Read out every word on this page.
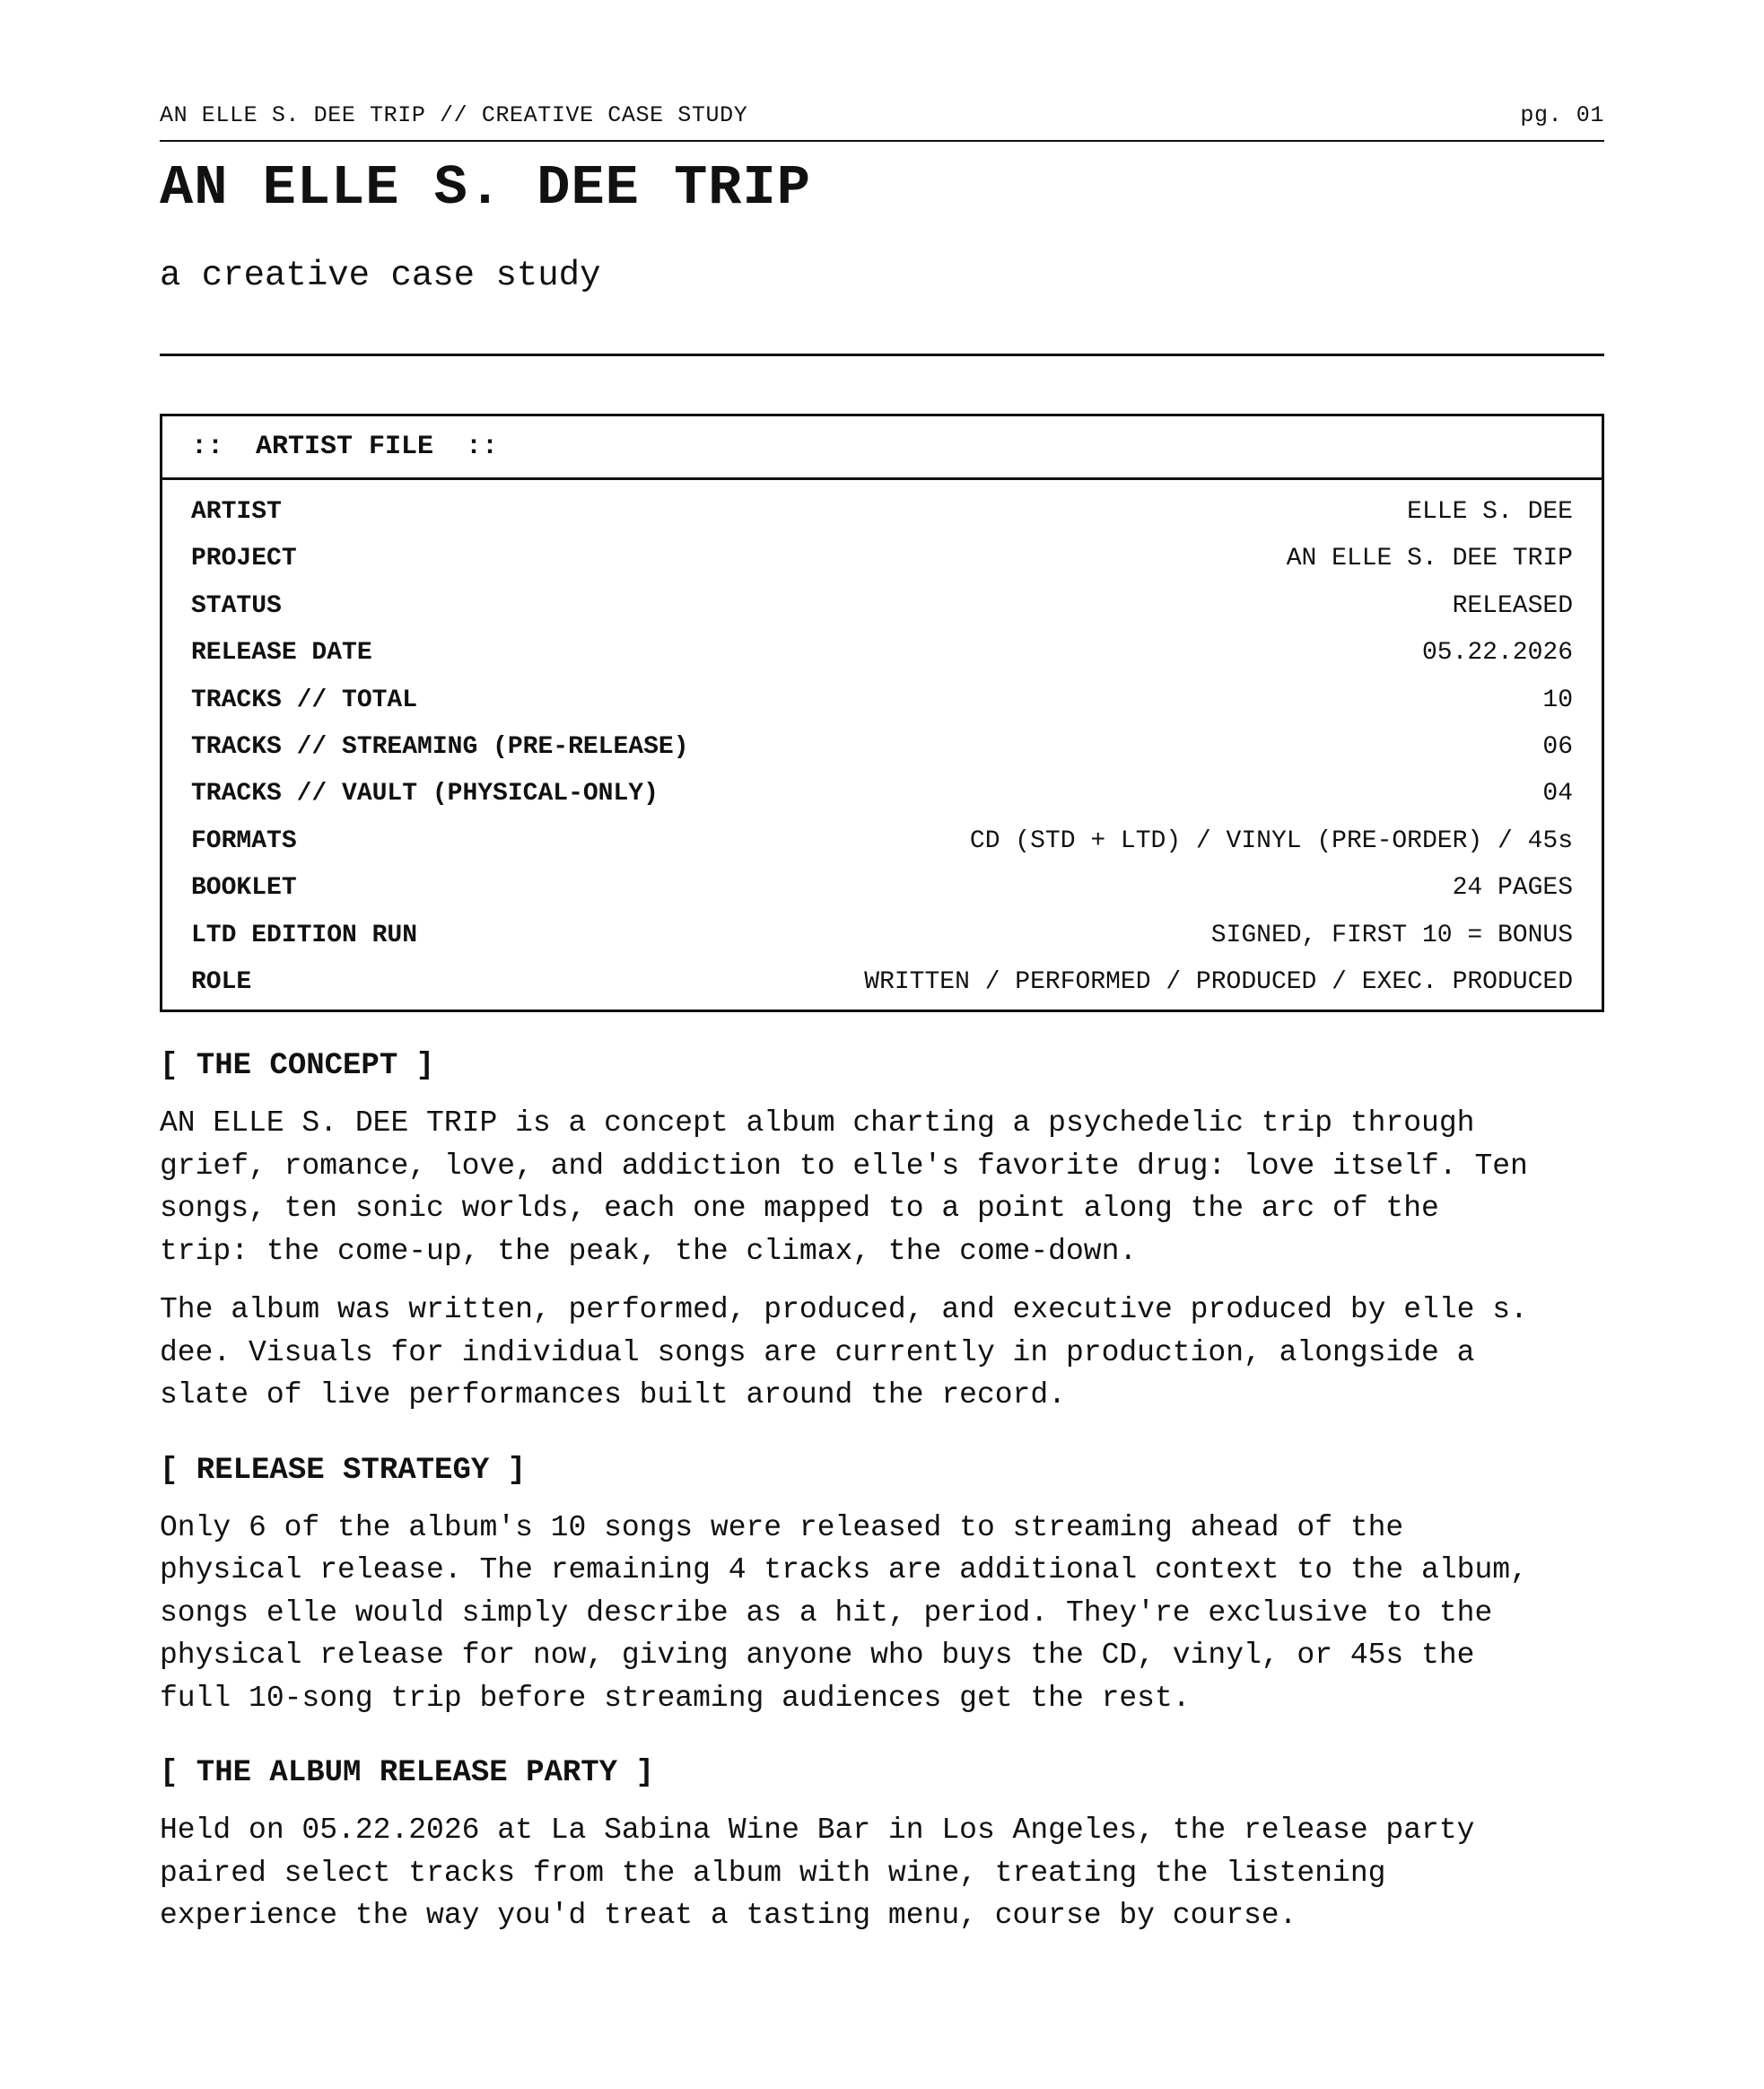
AN ELLE S. DEE TRIP // CREATIVE CASE STUDY	pg. 01
AN ELLE S. DEE TRIP

a creative case study

::  ARTIST FILE  ::
ARTIST	ELLE S. DEE
PROJECT	AN ELLE S. DEE TRIP
STATUS	RELEASED
RELEASE DATE	05.22.2026
TRACKS // TOTAL	10
TRACKS // STREAMING (PRE-RELEASE)	06
TRACKS // VAULT (PHYSICAL-ONLY)	04
FORMATS	CD (STD + LTD) / VINYL (PRE-ORDER) / 45s
BOOKLET	24 PAGES
LTD EDITION RUN	SIGNED, FIRST 10 = BONUS
ROLE	WRITTEN / PERFORMED / PRODUCED / EXEC. PRODUCED
[ THE CONCEPT ]

AN ELLE S. DEE TRIP is a concept album charting a psychedelic trip through
grief, romance, love, and addiction to elle's favorite drug: love itself. Ten
songs, ten sonic worlds, each one mapped to a point along the arc of the
trip: the come-up, the peak, the climax, the come-down.

The album was written, performed, produced, and executive produced by elle s.
dee. Visuals for individual songs are currently in production, alongside a
slate of live performances built around the record.

[ RELEASE STRATEGY ]

Only 6 of the album's 10 songs were released to streaming ahead of the
physical release. The remaining 4 tracks are additional context to the album,
songs elle would simply describe as a hit, period. They're exclusive to the
physical release for now, giving anyone who buys the CD, vinyl, or 45s the
full 10-song trip before streaming audiences get the rest.

[ THE ALBUM RELEASE PARTY ]

Held on 05.22.2026 at La Sabina Wine Bar in Los Angeles, the release party
paired select tracks from the album with wine, treating the listening
experience the way you'd treat a tasting menu, course by course.
